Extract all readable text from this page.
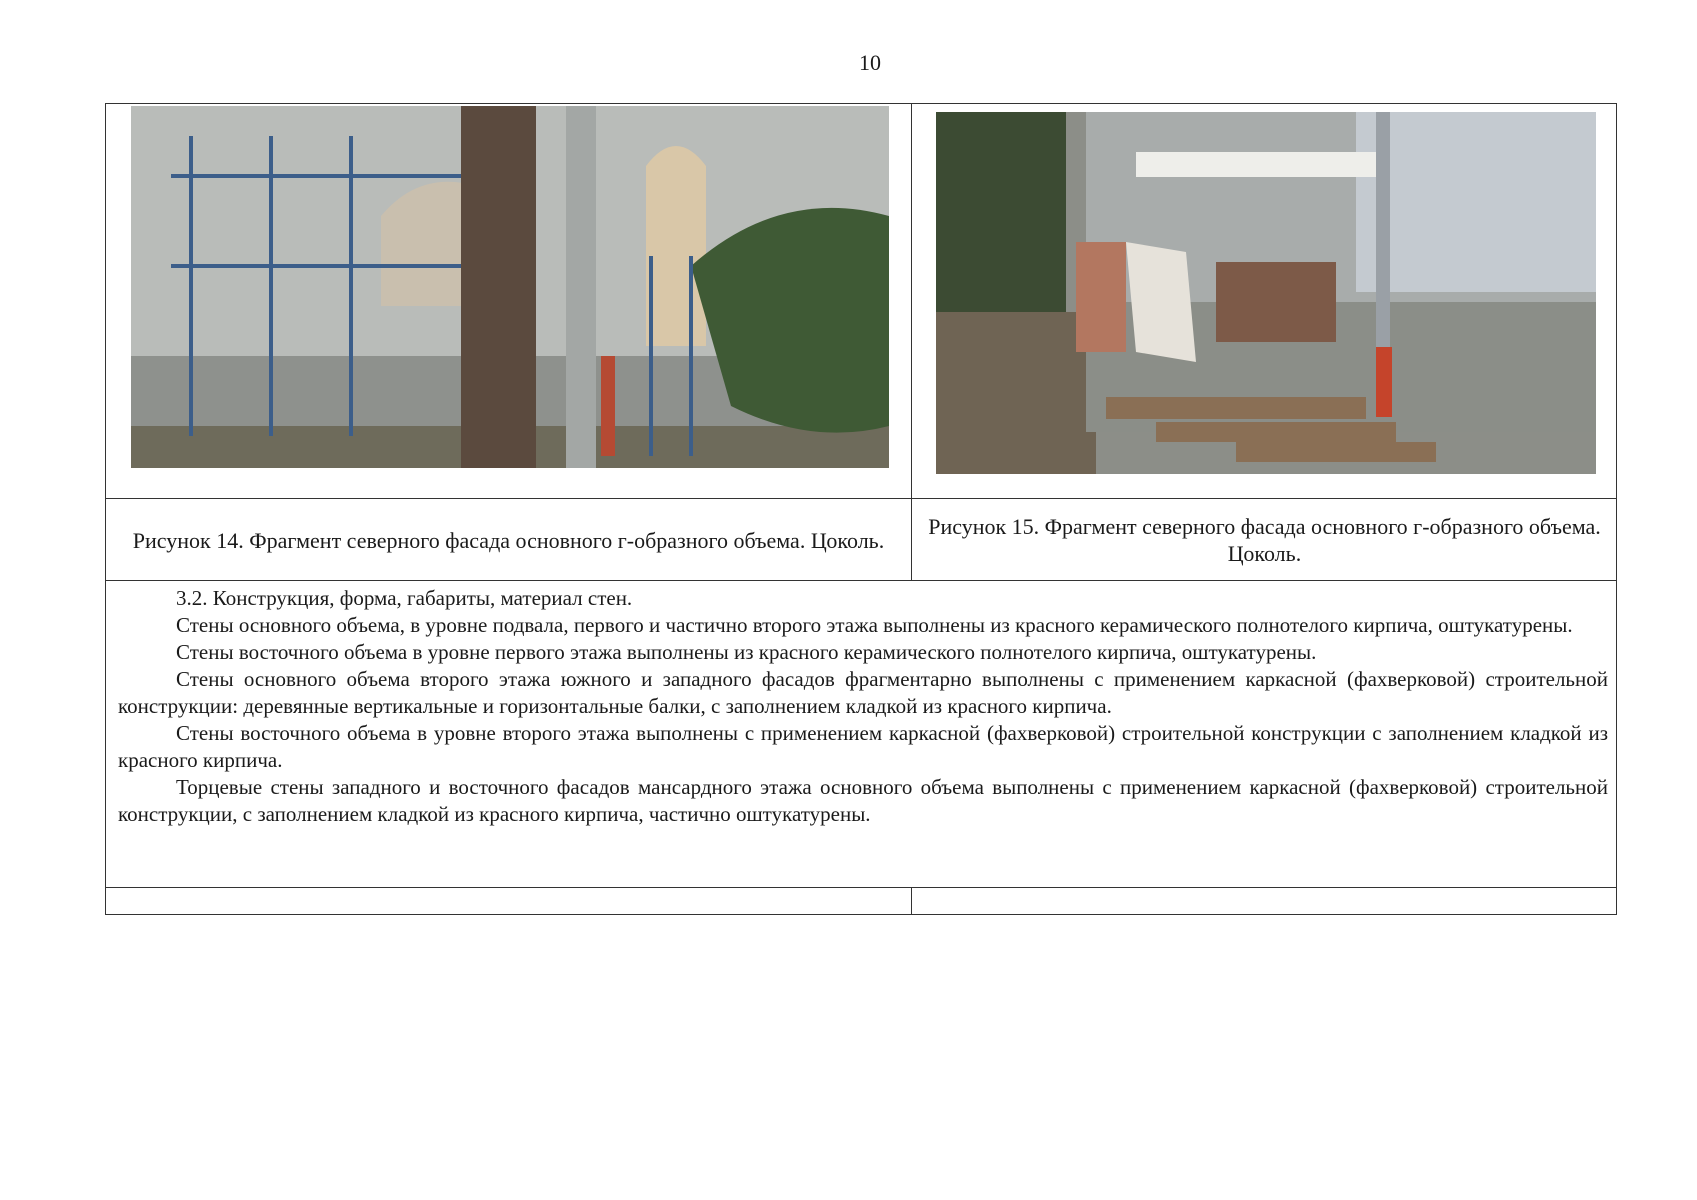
10
Рисунок 14. Фрагмент северного фасада основного г-образного объема. Цоколь.
Рисунок 15. Фрагмент северного фасада основного г-образного объема. Цоколь.

3.2. Конструкция, форма, габариты, материал стен.

Стены основного объема, в уровне подвала, первого и частично второго этажа выполнены из красного керамического полнотелого кирпича, оштукатурены.

Стены восточного объема в уровне первого этажа выполнены из красного керамического полнотелого кирпича, оштукатурены.

Стены основного объема второго этажа южного и западного фасадов фрагментарно выполнены с применением каркасной (фахверковой) строительной конструкции: деревянные вертикальные и горизонтальные балки, с заполнением кладкой из красного кирпича.

Стены восточного объема в уровне второго этажа выполнены с применением каркасной (фахверковой) строительной конструкции с заполнением кладкой из красного кирпича.

Торцевые стены западного и восточного фасадов мансардного этажа основного объема выполнены с применением каркасной (фахверковой) строительной конструкции, с заполнением кладкой из красного кирпича, частично оштукатурены.
